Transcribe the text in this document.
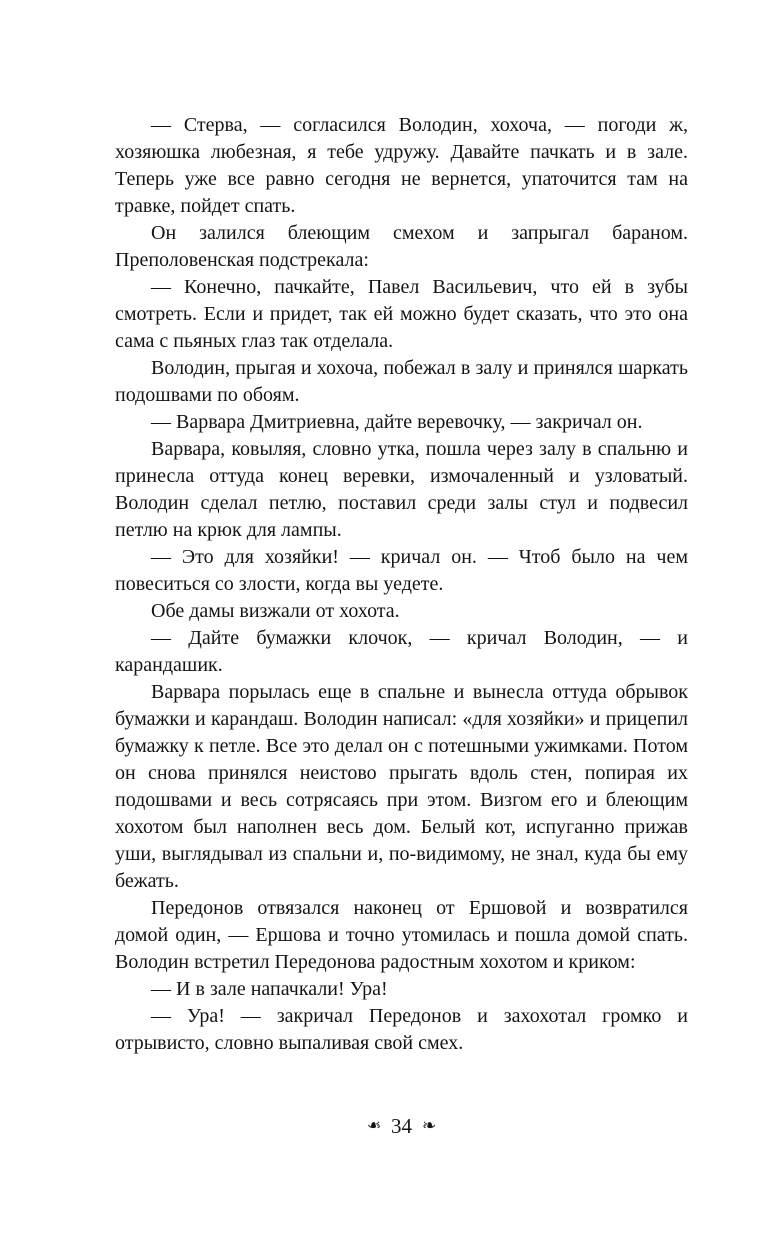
— Стерва, — согласился Володин, хохоча, — погоди ж, хозяюшка любезная, я тебе удружу. Давайте пачкать и в зале. Теперь уже все равно сегодня не вернется, упаточится там на травке, пойдет спать.

Он залился блеющим смехом и запрыгал бараном. Преполовенская подстрекала:

— Конечно, пачкайте, Павел Васильевич, что ей в зубы смотреть. Если и придет, так ей можно будет сказать, что это она сама с пьяных глаз так отделала.

Володин, прыгая и хохоча, побежал в залу и принялся шаркать подошвами по обоям.

— Варвара Дмитриевна, дайте веревочку, — закричал он.

Варвара, ковыляя, словно утка, пошла через залу в спальню и принесла оттуда конец веревки, измочаленный и узловатый. Володин сделал петлю, поставил среди залы стул и подвесил петлю на крюк для лампы.

— Это для хозяйки! — кричал он. — Чтоб было на чем повеситься со злости, когда вы уедете.

Обе дамы визжали от хохота.

— Дайте бумажки клочок, — кричал Володин, — и карандашик.

Варвара порылась еще в спальне и вынесла оттуда обрывок бумажки и карандаш. Володин написал: «для хозяйки» и прицепил бумажку к петле. Все это делал он с потешными ужимками. Потом он снова принялся неистово прыгать вдоль стен, попирая их подошвами и весь сотрясаясь при этом. Визгом его и блеющим хохотом был наполнен весь дом. Белый кот, испуганно прижав уши, выглядывал из спальни и, по-видимому, не знал, куда бы ему бежать.

Передонов отвязался наконец от Ершовой и возвратился домой один, — Ершова и точно утомилась и пошла домой спать. Володин встретил Передонова радостным хохотом и криком:

— И в зале напачкали! Ура!

— Ура! — закричал Передонов и захохотал громко и отрывисто, словно выпаливая свой смех.

❧ 34 ❧
